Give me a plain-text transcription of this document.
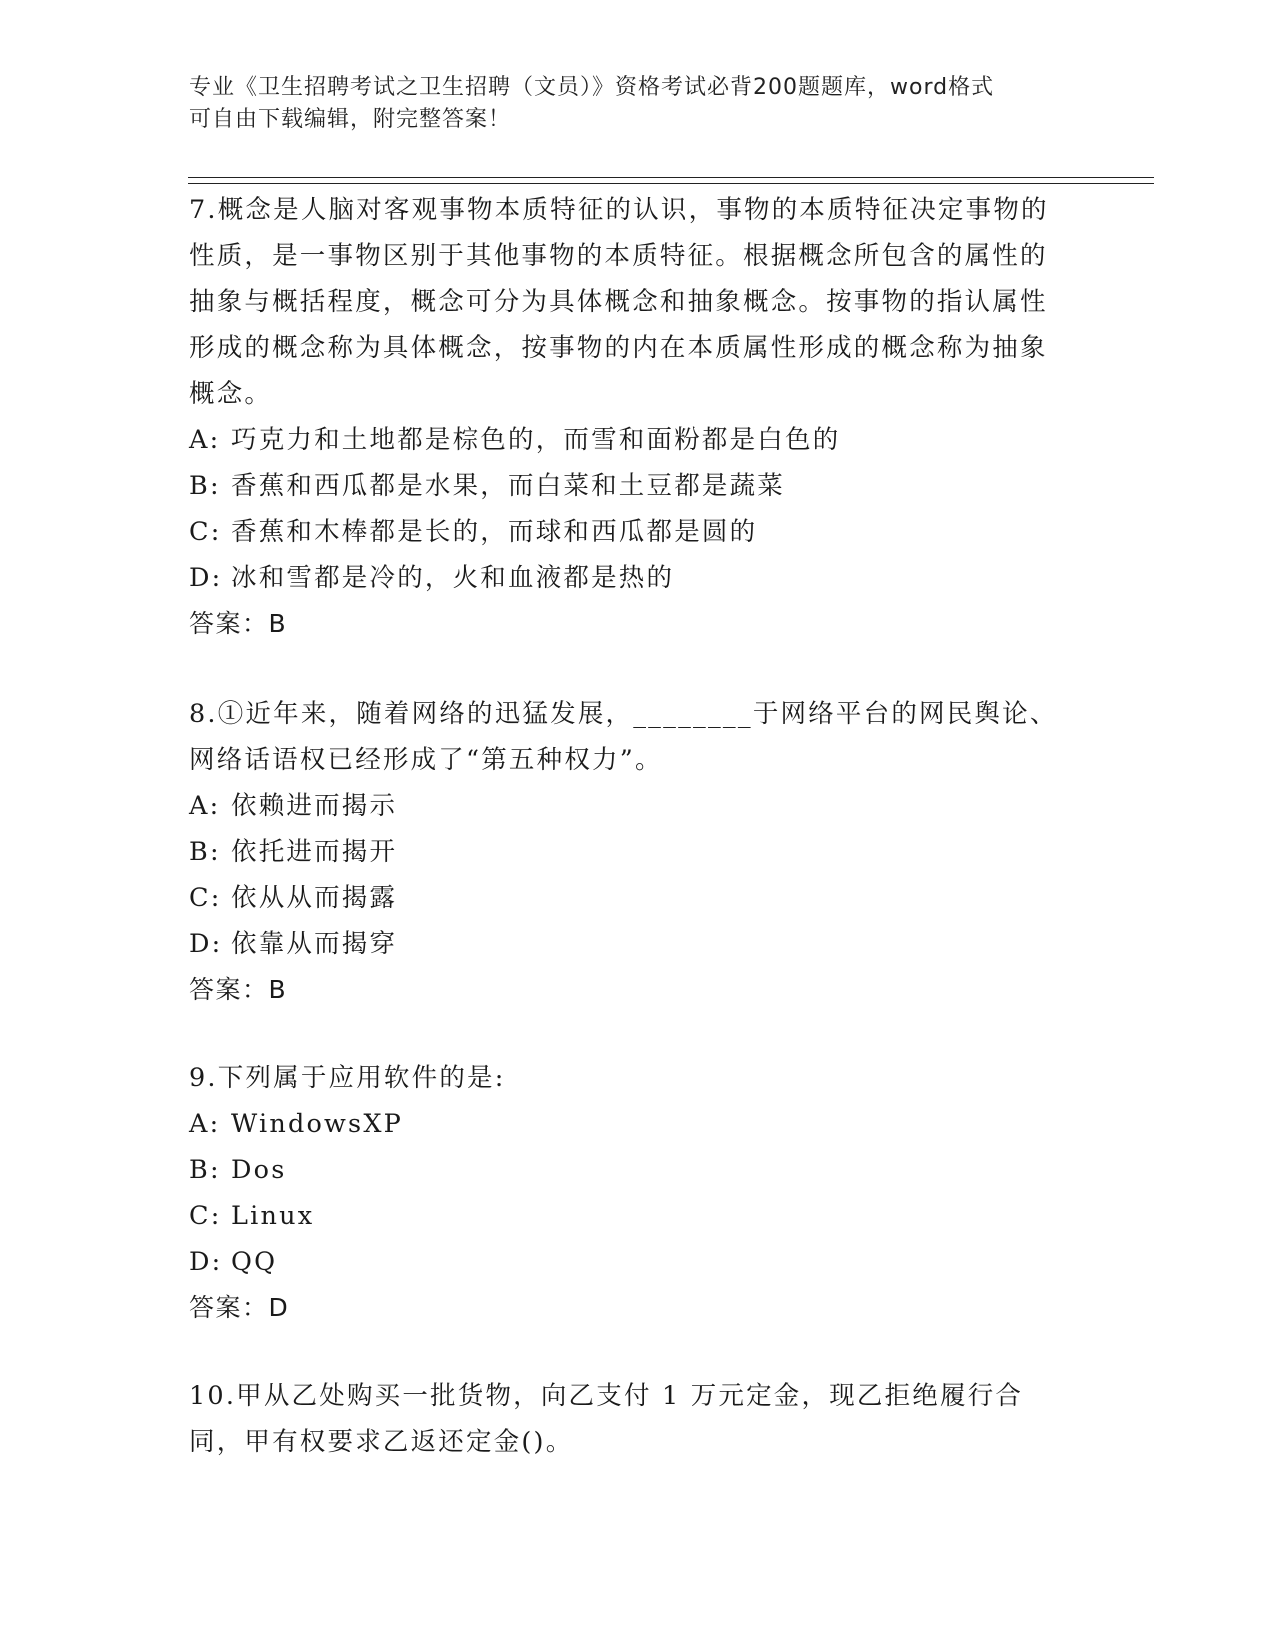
专业《卫生招聘考试之卫生招聘（文员）》资格考试必背200题题库，word格式
可自由下载编辑，附完整答案！

7.概念是人脑对客观事物本质特征的认识，事物的本质特征决定事物的性质，是一事物区别于其他事物的本质特征。根据概念所包含的属性的抽象与概括程度，概念可分为具体概念和抽象概念。按事物的指认属性形成的概念称为具体概念，按事物的内在本质属性形成的概念称为抽象概念。

A: 巧克力和土地都是棕色的，而雪和面粉都是白色的

B: 香蕉和西瓜都是水果，而白菜和土豆都是蔬菜

C: 香蕉和木棒都是长的，而球和西瓜都是圆的

D: 冰和雪都是冷的，火和血液都是热的

答案：B

8.①近年来，随着网络的迅猛发展，________于网络平台的网民舆论、网络话语权已经形成了“第五种权力”。

A: 依赖进而揭示

B: 依托进而揭开

C: 依从从而揭露

D: 依靠从而揭穿

答案：B

9.下列属于应用软件的是:

A: WindowsXP

B: Dos

C: Linux

D: QQ

答案：D

10.甲从乙处购买一批货物，向乙支付 1 万元定金，现乙拒绝履行合同，甲有权要求乙返还定金()。
